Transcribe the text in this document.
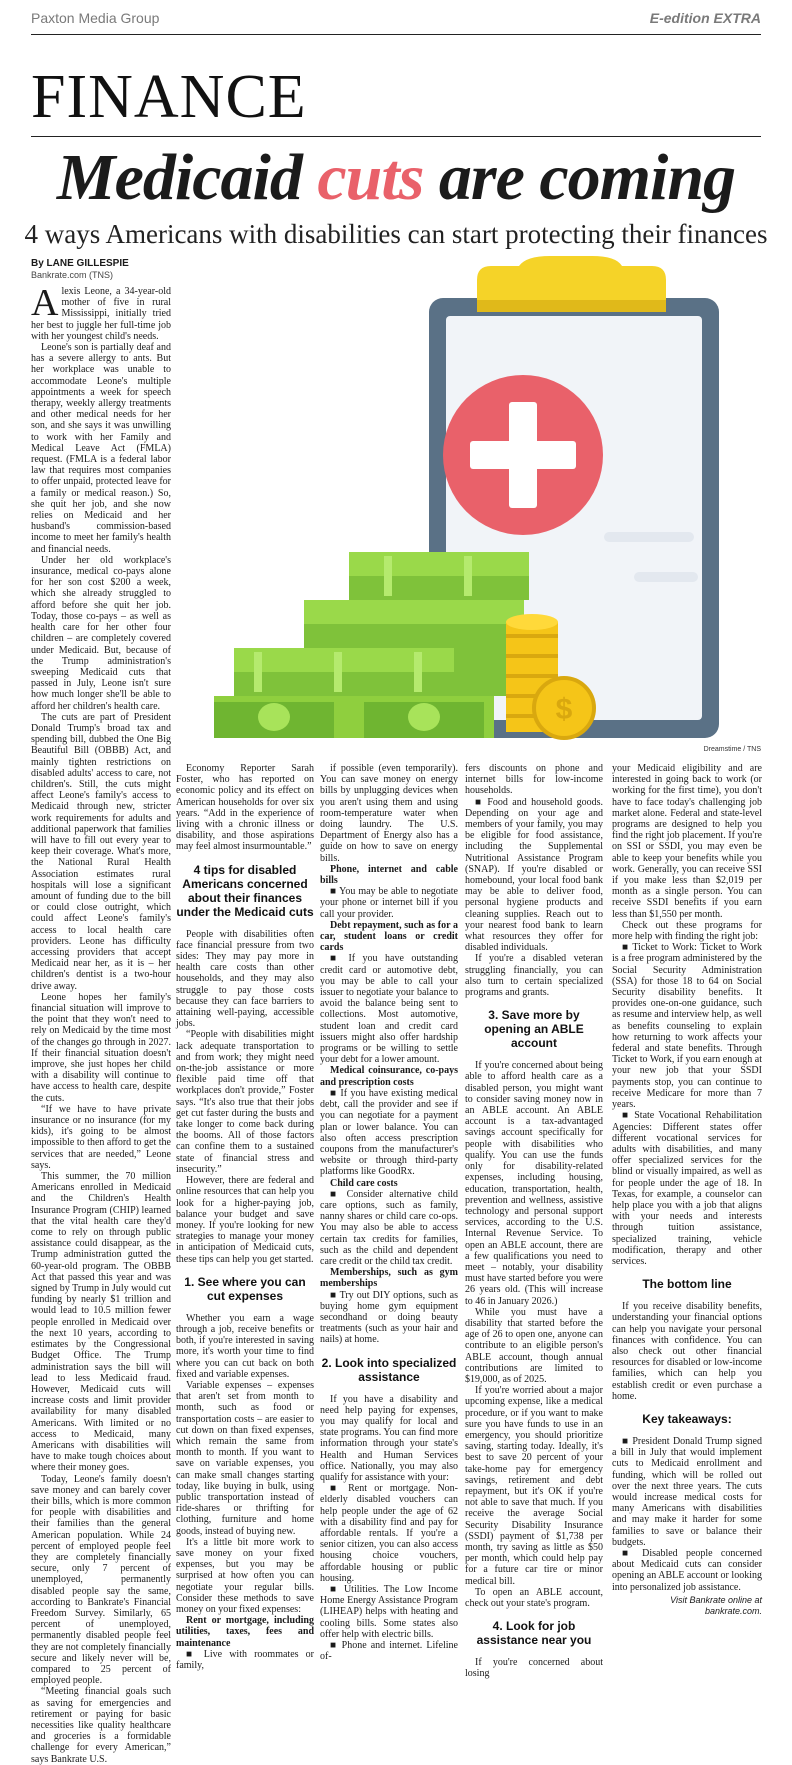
Paxton Media Group	E-edition EXTRA
FINANCE
Medicaid cuts are coming
4 ways Americans with disabilities can start protecting their finances
By LANE GILLESPIE
Bankrate.com (TNS)
$
Dreamstime / TNS

Alexis Leone, a 34-year-old mother of five in rural Mississippi, initially tried her best to juggle her full-time job with her youngest child's needs.

Leone's son is partially deaf and has a severe allergy to ants. But her workplace was unable to accommodate Leone's multiple appointments a week for speech therapy, weekly allergy treatments and other medical needs for her son, and she says it was unwilling to work with her Family and Medical Leave Act (FMLA) request. (FMLA is a federal labor law that requires most companies to offer unpaid, protected leave for a family or medical reason.) So, she quit her job, and she now relies on Medicaid and her husband's commission-based income to meet her family's health and financial needs.

Under her old workplace's insurance, medical co-pays alone for her son cost $200 a week, which she already struggled to afford before she quit her job. Today, those co-pays – as well as health care for her other four children – are completely covered under Medicaid. But, because of the Trump administration's sweeping Medicaid cuts that passed in July, Leone isn't sure how much longer she'll be able to afford her children's health care.

The cuts are part of President Donald Trump's broad tax and spending bill, dubbed the One Big Beautiful Bill (OBBB) Act, and mainly tighten restrictions on disabled adults' access to care, not children's. Still, the cuts might affect Leone's family's access to Medicaid through new, stricter work requirements for adults and additional paperwork that families will have to fill out every year to keep their coverage. What's more, the National Rural Health Association estimates rural hospitals will lose a significant amount of funding due to the bill or could close outright, which could affect Leone's family's access to local health care providers. Leone has difficulty accessing providers that accept Medicaid near her, as it is – her children's dentist is a two-hour drive away.

Leone hopes her family's financial situation will improve to the point that they won't need to rely on Medicaid by the time most of the changes go through in 2027. If their financial situation doesn't improve, she just hopes her child with a disability will continue to have access to health care, despite the cuts.

“If we have to have private insurance or no insurance (for my kids), it's going to be almost impossible to then afford to get the services that are needed,” Leone says.

This summer, the 70 million Americans enrolled in Medicaid and the Children's Health Insurance Program (CHIP) learned that the vital health care they'd come to rely on through public assistance could disappear, as the Trump administration gutted the 60-year-old program. The OBBB Act that passed this year and was signed by Trump in July would cut funding by nearly $1 trillion and would lead to 10.5 million fewer people enrolled in Medicaid over the next 10 years, according to estimates by the Congressional Budget Office. The Trump administration says the bill will lead to less Medicaid fraud. However, Medicaid cuts will increase costs and limit provider availability for many disabled Americans. With limited or no access to Medicaid, many Americans with disabilities will have to make tough choices about where their money goes.

Today, Leone's family doesn't save money and can barely cover their bills, which is more common for people with disabilities and their families than the general American population. While 24 percent of employed people feel they are completely financially secure, only 7 percent of unemployed, permanently disabled people say the same, according to Bankrate's Financial Freedom Survey. Similarly, 65 percent of unemployed, permanently disabled people feel they are not completely financially secure and likely never will be, compared to 25 percent of employed people.

“Meeting financial goals such as saving for emergencies and retirement or paying for basic necessities like quality healthcare and groceries is a formidable challenge for every American,” says Bankrate U.S.

Economy Reporter Sarah Foster, who has reported on economic policy and its effect on American households for over six years. “Add in the experience of living with a chronic illness or disability, and those aspirations may feel almost insurmountable.”

4 tips for disabled Americans concerned about their finances under the Medicaid cuts

People with disabilities often face financial pressure from two sides: They may pay more in health care costs than other households, and they may also struggle to pay those costs because they can face barriers to attaining well-paying, accessible jobs.

“People with disabilities might lack adequate transportation to and from work; they might need on-the-job assistance or more flexible paid time off that workplaces don't provide,” Foster says. “It's also true that their jobs get cut faster during the busts and take longer to come back during the booms. All of those factors can confine them to a sustained state of financial stress and insecurity.”

However, there are federal and online resources that can help you look for a higher-paying job, balance your budget and save money. If you're looking for new strategies to manage your money in anticipation of Medicaid cuts, these tips can help you get started.

1. See where you can cut expenses

Whether you earn a wage through a job, receive benefits or both, if you're interested in saving more, it's worth your time to find where you can cut back on both fixed and variable expenses.

Variable expenses – expenses that aren't set from month to month, such as food or transportation costs – are easier to cut down on than fixed expenses, which remain the same from month to month. If you want to save on variable expenses, you can make small changes starting today, like buying in bulk, using public transportation instead of ride-shares or thrifting for clothing, furniture and home goods, instead of buying new.

It's a little bit more work to save money on your fixed expenses, but you may be surprised at how often you can negotiate your regular bills. Consider these methods to save money on your fixed expenses:

Rent or mortgage, including utilities, taxes, fees and maintenance

■ Live with roommates or family,

if possible (even temporarily). You can save money on energy bills by unplugging devices when you aren't using them and using room-temperature water when doing laundry. The U.S. Department of Energy also has a guide on how to save on energy bills.

Phone, internet and cable bills

■ You may be able to negotiate your phone or internet bill if you call your provider.

Debt repayment, such as for a car, student loans or credit cards

■ If you have outstanding credit card or automotive debt, you may be able to call your issuer to negotiate your balance to avoid the balance being sent to collections. Most automotive, student loan and credit card issuers might also offer hardship programs or be willing to settle your debt for a lower amount.

Medical coinsurance, co-pays and prescription costs

■ If you have existing medical debt, call the provider and see if you can negotiate for a payment plan or lower balance. You can also often access prescription coupons from the manufacturer's website or through third-party platforms like GoodRx.

Child care costs

■ Consider alternative child care options, such as family, nanny shares or child care co-ops. You may also be able to access certain tax credits for families, such as the child and dependent care credit or the child tax credit.

Memberships, such as gym memberships

■ Try out DIY options, such as buying home gym equipment secondhand or doing beauty treatments (such as your hair and nails) at home.

2. Look into specialized assistance

If you have a disability and need help paying for expenses, you may qualify for local and state programs. You can find more information through your state's Health and Human Services office. Nationally, you may also qualify for assistance with your:

■ Rent or mortgage. Non-elderly disabled vouchers can help people under the age of 62 with a disability find and pay for affordable rentals. If you're a senior citizen, you can also access housing choice vouchers, affordable housing or public housing.

■ Utilities. The Low Income Home Energy Assistance Program (LIHEAP) helps with heating and cooling bills. Some states also offer help with electric bills.

■ Phone and internet. Lifeline of-

fers discounts on phone and internet bills for low-income households.

■ Food and household goods. Depending on your age and members of your family, you may be eligible for food assistance, including the Supplemental Nutritional Assistance Program (SNAP). If you're disabled or homebound, your local food bank may be able to deliver food, personal hygiene products and cleaning supplies. Reach out to your nearest food bank to learn what resources they offer for disabled individuals.

If you're a disabled veteran struggling financially, you can also turn to certain specialized programs and grants.

3. Save more by opening an ABLE account

If you're concerned about being able to afford health care as a disabled person, you might want to consider saving money now in an ABLE account. An ABLE account is a tax-advantaged savings account specifically for people with disabilities who qualify. You can use the funds only for disability-related expenses, including housing, education, transportation, health, prevention and wellness, assistive technology and personal support services, according to the U.S. Internal Revenue Service. To open an ABLE account, there are a few qualifications you need to meet – notably, your disability must have started before you were 26 years old. (This will increase to 46 in January 2026.)

While you must have a disability that started before the age of 26 to open one, anyone can contribute to an eligible person's ABLE account, though annual contributions are limited to $19,000, as of 2025.

If you're worried about a major upcoming expense, like a medical procedure, or if you want to make sure you have funds to use in an emergency, you should prioritize saving, starting today. Ideally, it's best to save 20 percent of your take-home pay for emergency savings, retirement and debt repayment, but it's OK if you're not able to save that much. If you receive the average Social Security Disability Insurance (SSDI) payment of $1,738 per month, try saving as little as $50 per month, which could help pay for a future car tire or minor medical bill.

To open an ABLE account, check out your state's program.

4. Look for job assistance near you

If you're concerned about losing

your Medicaid eligibility and are interested in going back to work (or working for the first time), you don't have to face today's challenging job market alone. Federal and state-level programs are designed to help you find the right job placement. If you're on SSI or SSDI, you may even be able to keep your benefits while you work. Generally, you can receive SSI if you make less than $2,019 per month as a single person. You can receive SSDI benefits if you earn less than $1,550 per month.

Check out these programs for more help with finding the right job:

■ Ticket to Work: Ticket to Work is a free program administered by the Social Security Administration (SSA) for those 18 to 64 on Social Security disability benefits. It provides one-on-one guidance, such as resume and interview help, as well as benefits counseling to explain how returning to work affects your federal and state benefits. Through Ticket to Work, if you earn enough at your new job that your SSDI payments stop, you can continue to receive Medicare for more than 7 years.

■ State Vocational Rehabilitation Agencies: Different states offer different vocational services for adults with disabilities, and many offer specialized services for the blind or visually impaired, as well as for people under the age of 18. In Texas, for example, a counselor can help place you with a job that aligns with your needs and interests through tuition assistance, specialized training, vehicle modification, therapy and other services.

The bottom line

If you receive disability benefits, understanding your financial options can help you navigate your personal finances with confidence. You can also check out other financial resources for disabled or low-income families, which can help you establish credit or even purchase a home.

Key takeaways:

■ President Donald Trump signed a bill in July that would implement cuts to Medicaid enrollment and funding, which will be rolled out over the next three years. The cuts would increase medical costs for many Americans with disabilities and may make it harder for some families to save or balance their budgets.

■ Disabled people concerned about Medicaid cuts can consider opening an ABLE account or looking into personalized job assistance.

Visit Bankrate online at bankrate.com.
